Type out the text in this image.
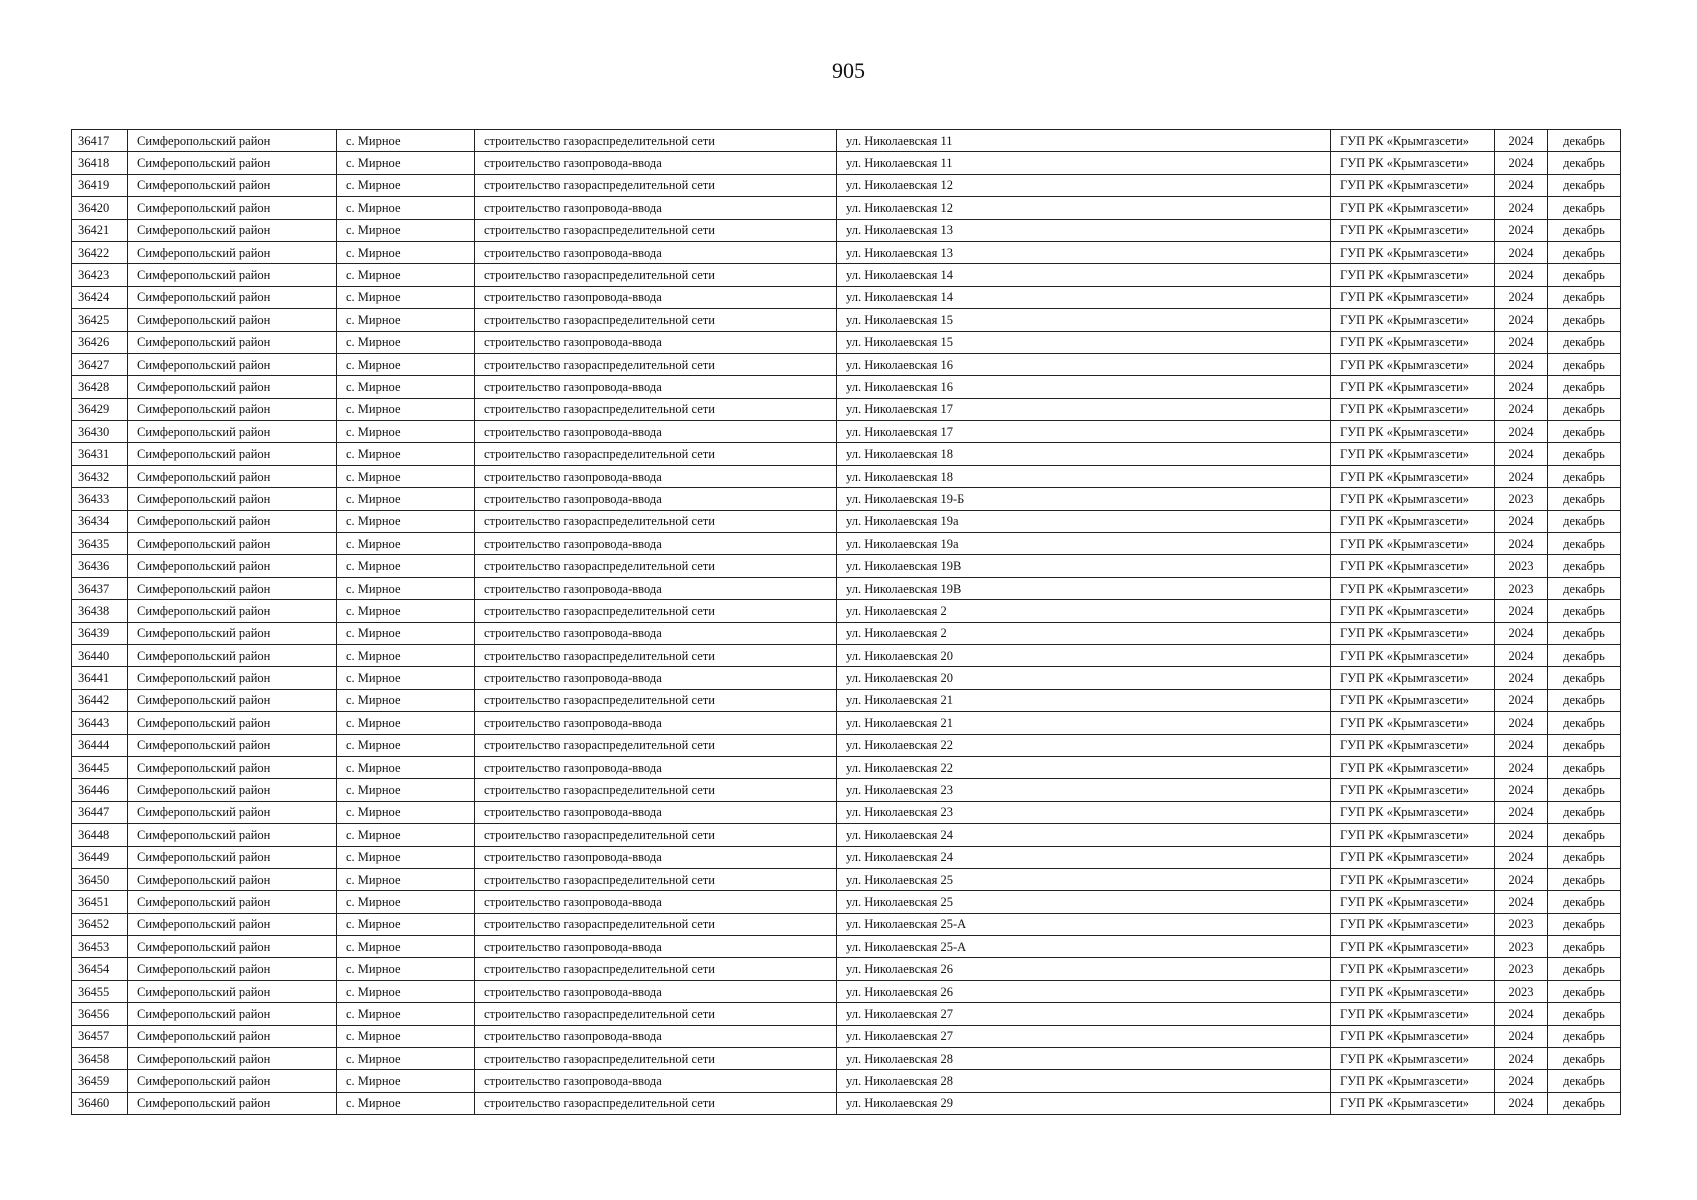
905
36417	Симферопольский район	с. Мирное	строительство газораспределительной сети	ул. Николаевская 11	ГУП РК «Крымгазсети»	2024	декабрь
36418	Симферопольский район	с. Мирное	строительство газопровода-ввода	ул. Николаевская 11	ГУП РК «Крымгазсети»	2024	декабрь
36419	Симферопольский район	с. Мирное	строительство газораспределительной сети	ул. Николаевская 12	ГУП РК «Крымгазсети»	2024	декабрь
36420	Симферопольский район	с. Мирное	строительство газопровода-ввода	ул. Николаевская 12	ГУП РК «Крымгазсети»	2024	декабрь
36421	Симферопольский район	с. Мирное	строительство газораспределительной сети	ул. Николаевская 13	ГУП РК «Крымгазсети»	2024	декабрь
36422	Симферопольский район	с. Мирное	строительство газопровода-ввода	ул. Николаевская 13	ГУП РК «Крымгазсети»	2024	декабрь
36423	Симферопольский район	с. Мирное	строительство газораспределительной сети	ул. Николаевская 14	ГУП РК «Крымгазсети»	2024	декабрь
36424	Симферопольский район	с. Мирное	строительство газопровода-ввода	ул. Николаевская 14	ГУП РК «Крымгазсети»	2024	декабрь
36425	Симферопольский район	с. Мирное	строительство газораспределительной сети	ул. Николаевская 15	ГУП РК «Крымгазсети»	2024	декабрь
36426	Симферопольский район	с. Мирное	строительство газопровода-ввода	ул. Николаевская 15	ГУП РК «Крымгазсети»	2024	декабрь
36427	Симферопольский район	с. Мирное	строительство газораспределительной сети	ул. Николаевская 16	ГУП РК «Крымгазсети»	2024	декабрь
36428	Симферопольский район	с. Мирное	строительство газопровода-ввода	ул. Николаевская 16	ГУП РК «Крымгазсети»	2024	декабрь
36429	Симферопольский район	с. Мирное	строительство газораспределительной сети	ул. Николаевская 17	ГУП РК «Крымгазсети»	2024	декабрь
36430	Симферопольский район	с. Мирное	строительство газопровода-ввода	ул. Николаевская 17	ГУП РК «Крымгазсети»	2024	декабрь
36431	Симферопольский район	с. Мирное	строительство газораспределительной сети	ул. Николаевская 18	ГУП РК «Крымгазсети»	2024	декабрь
36432	Симферопольский район	с. Мирное	строительство газопровода-ввода	ул. Николаевская 18	ГУП РК «Крымгазсети»	2024	декабрь
36433	Симферопольский район	с. Мирное	строительство газопровода-ввода	ул. Николаевская 19-Б	ГУП РК «Крымгазсети»	2023	декабрь
36434	Симферопольский район	с. Мирное	строительство газораспределительной сети	ул. Николаевская 19а	ГУП РК «Крымгазсети»	2024	декабрь
36435	Симферопольский район	с. Мирное	строительство газопровода-ввода	ул. Николаевская 19а	ГУП РК «Крымгазсети»	2024	декабрь
36436	Симферопольский район	с. Мирное	строительство газораспределительной сети	ул. Николаевская 19В	ГУП РК «Крымгазсети»	2023	декабрь
36437	Симферопольский район	с. Мирное	строительство газопровода-ввода	ул. Николаевская 19В	ГУП РК «Крымгазсети»	2023	декабрь
36438	Симферопольский район	с. Мирное	строительство газораспределительной сети	ул. Николаевская 2	ГУП РК «Крымгазсети»	2024	декабрь
36439	Симферопольский район	с. Мирное	строительство газопровода-ввода	ул. Николаевская 2	ГУП РК «Крымгазсети»	2024	декабрь
36440	Симферопольский район	с. Мирное	строительство газораспределительной сети	ул. Николаевская 20	ГУП РК «Крымгазсети»	2024	декабрь
36441	Симферопольский район	с. Мирное	строительство газопровода-ввода	ул. Николаевская 20	ГУП РК «Крымгазсети»	2024	декабрь
36442	Симферопольский район	с. Мирное	строительство газораспределительной сети	ул. Николаевская 21	ГУП РК «Крымгазсети»	2024	декабрь
36443	Симферопольский район	с. Мирное	строительство газопровода-ввода	ул. Николаевская 21	ГУП РК «Крымгазсети»	2024	декабрь
36444	Симферопольский район	с. Мирное	строительство газораспределительной сети	ул. Николаевская 22	ГУП РК «Крымгазсети»	2024	декабрь
36445	Симферопольский район	с. Мирное	строительство газопровода-ввода	ул. Николаевская 22	ГУП РК «Крымгазсети»	2024	декабрь
36446	Симферопольский район	с. Мирное	строительство газораспределительной сети	ул. Николаевская 23	ГУП РК «Крымгазсети»	2024	декабрь
36447	Симферопольский район	с. Мирное	строительство газопровода-ввода	ул. Николаевская 23	ГУП РК «Крымгазсети»	2024	декабрь
36448	Симферопольский район	с. Мирное	строительство газораспределительной сети	ул. Николаевская 24	ГУП РК «Крымгазсети»	2024	декабрь
36449	Симферопольский район	с. Мирное	строительство газопровода-ввода	ул. Николаевская 24	ГУП РК «Крымгазсети»	2024	декабрь
36450	Симферопольский район	с. Мирное	строительство газораспределительной сети	ул. Николаевская 25	ГУП РК «Крымгазсети»	2024	декабрь
36451	Симферопольский район	с. Мирное	строительство газопровода-ввода	ул. Николаевская 25	ГУП РК «Крымгазсети»	2024	декабрь
36452	Симферопольский район	с. Мирное	строительство газораспределительной сети	ул. Николаевская 25-А	ГУП РК «Крымгазсети»	2023	декабрь
36453	Симферопольский район	с. Мирное	строительство газопровода-ввода	ул. Николаевская 25-А	ГУП РК «Крымгазсети»	2023	декабрь
36454	Симферопольский район	с. Мирное	строительство газораспределительной сети	ул. Николаевская 26	ГУП РК «Крымгазсети»	2023	декабрь
36455	Симферопольский район	с. Мирное	строительство газопровода-ввода	ул. Николаевская 26	ГУП РК «Крымгазсети»	2023	декабрь
36456	Симферопольский район	с. Мирное	строительство газораспределительной сети	ул. Николаевская 27	ГУП РК «Крымгазсети»	2024	декабрь
36457	Симферопольский район	с. Мирное	строительство газопровода-ввода	ул. Николаевская 27	ГУП РК «Крымгазсети»	2024	декабрь
36458	Симферопольский район	с. Мирное	строительство газораспределительной сети	ул. Николаевская 28	ГУП РК «Крымгазсети»	2024	декабрь
36459	Симферопольский район	с. Мирное	строительство газопровода-ввода	ул. Николаевская 28	ГУП РК «Крымгазсети»	2024	декабрь
36460	Симферопольский район	с. Мирное	строительство газораспределительной сети	ул. Николаевская 29	ГУП РК «Крымгазсети»	2024	декабрь
